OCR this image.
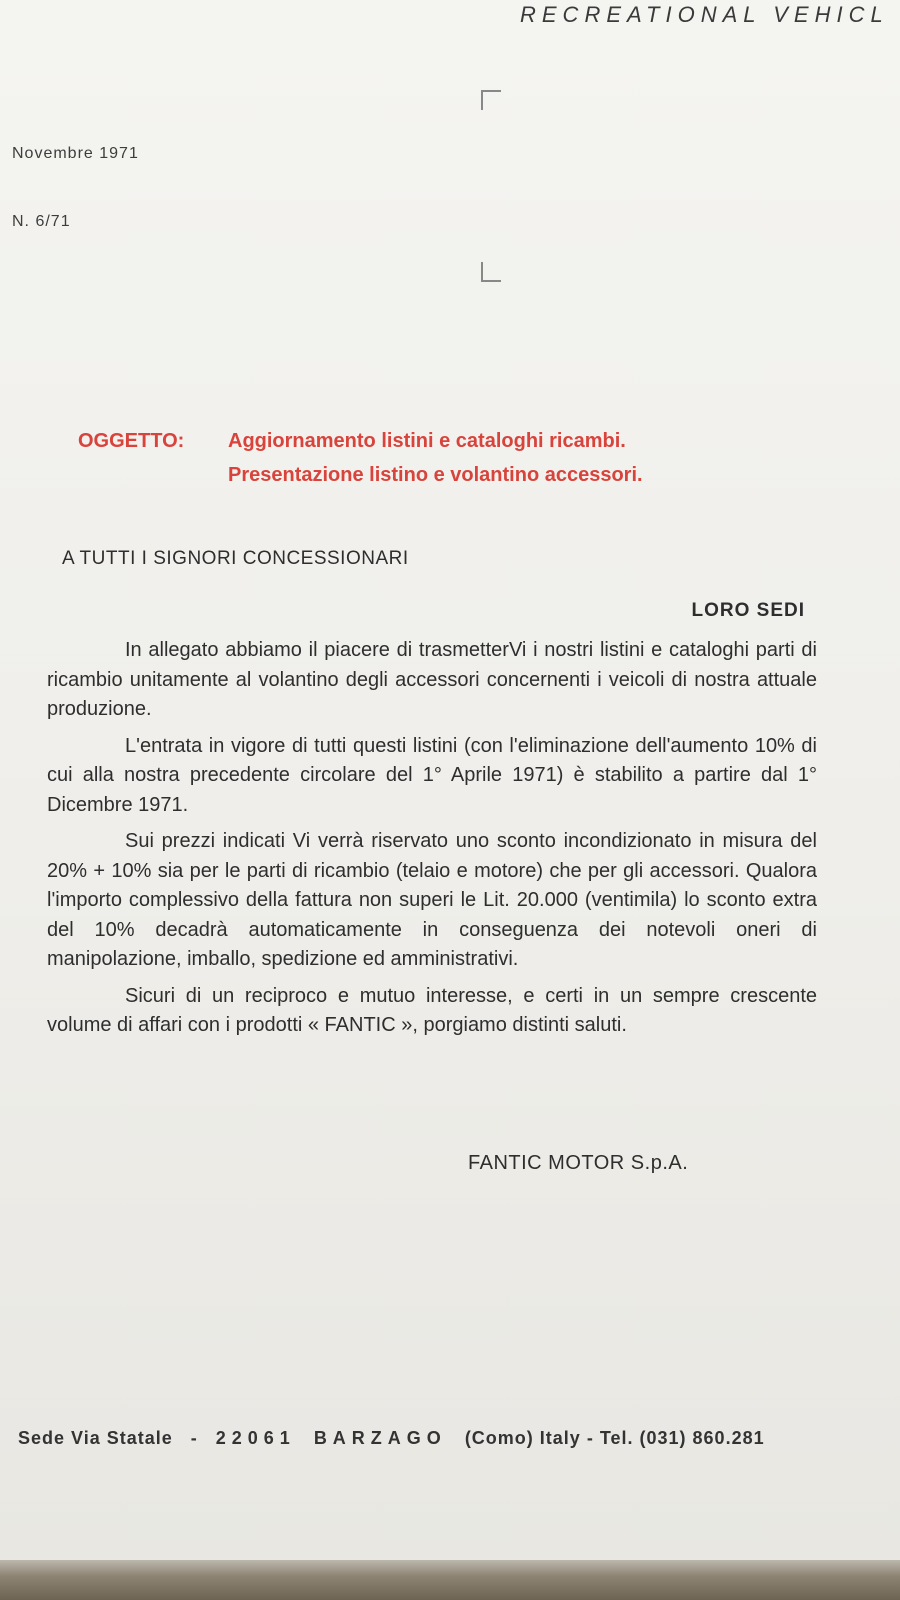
RECREATIONAL VEHICL
Novembre 1971
N. 6/71
OGGETTO: Aggiornamento listini e cataloghi ricambi.
Presentazione listino e volantino accessori.
A TUTTI I SIGNORI CONCESSIONARI
LORO SEDI

In allegato abbiamo il piacere di trasmetterVi i nostri listini e cataloghi parti di ricambio unitamente al volantino degli accessori concernenti i veicoli di nostra attuale produzione.

L'entrata in vigore di tutti questi listini (con l'eliminazione dell'aumento 10% di cui alla nostra precedente circolare del 1° Aprile 1971) è stabilito a partire dal 1° Dicembre 1971.

Sui prezzi indicati Vi verrà riservato uno sconto incondizionato in misura del 20% + 10% sia per le parti di ricambio (telaio e motore) che per gli accessori. Qualora l'importo complessivo della fattura non superi le Lit. 20.000 (ventimila) lo sconto extra del 10% decadrà automaticamente in conseguenza dei notevoli oneri di manipolazione, imballo, spedizione ed amministrativi.

Sicuri di un reciproco e mutuo interesse, e certi in un sempre crescente volume di affari con i prodotti « FANTIC », porgiamo distinti saluti.

FANTIC MOTOR S.p.A.
Sede Via Statale - 22061 BARZAGO (Como) Italy - Tel. (031) 860.281
